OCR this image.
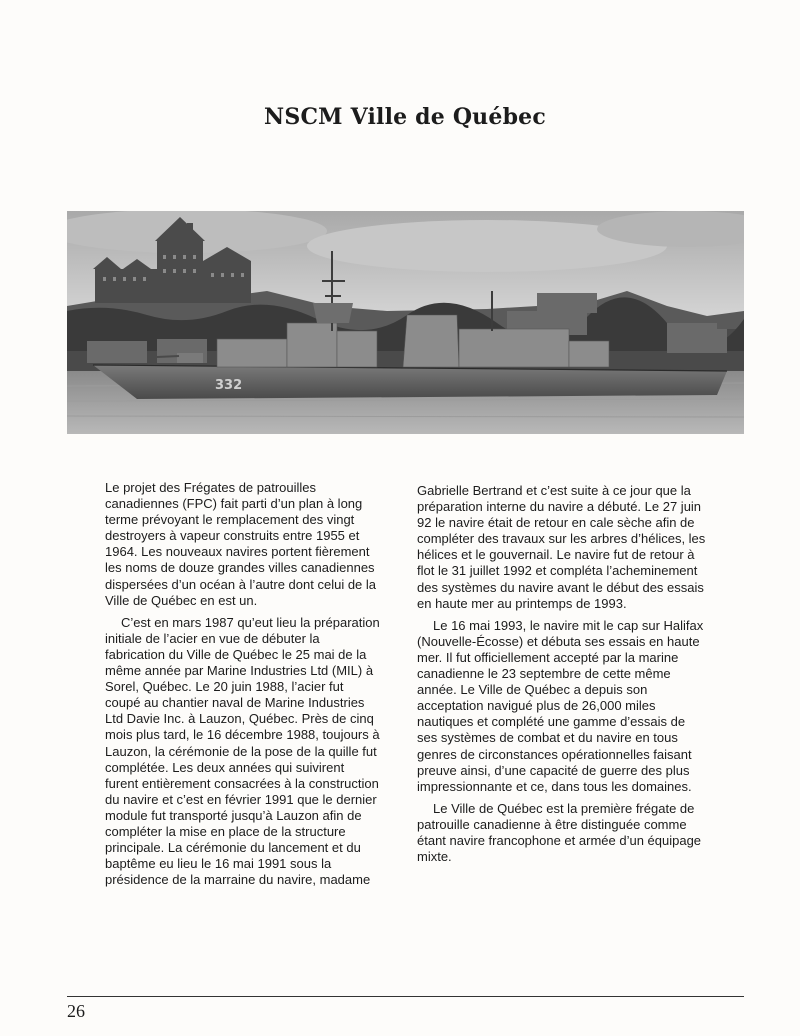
NSCM Ville de Québec
332

Le projet des Frégates de patrouilles canadiennes (FPC) fait parti d’un plan à long terme prévoyant le remplacement des vingt destroyers à vapeur construits entre 1955 et 1964. Les nouveaux navires portent fièrement les noms de douze grandes villes canadiennes dispersées d’un océan à l’autre dont celui de la Ville de Québec en est un.

C’est en mars 1987 qu’eut lieu la préparation initiale de l’acier en vue de débuter la fabrication du Ville de Québec le 25 mai de la même année par Marine Industries Ltd (MIL) à Sorel, Québec. Le 20 juin 1988, l’acier fut coupé au chantier naval de Marine Industries Ltd Davie Inc. à Lauzon, Québec. Près de cinq mois plus tard, le 16 décembre 1988, toujours à Lauzon, la cérémonie de la pose de la quille fut complétée. Les deux années qui suivirent furent entièrement consacrées à la construction du navire et c’est en février 1991 que le dernier module fut transporté jusqu’à Lauzon afin de compléter la mise en place de la structure principale. La cérémonie du lancement et du baptême eu lieu le 16 mai 1991 sous la présidence de la marraine du navire, madame

Gabrielle Bertrand et c’est suite à ce jour que la préparation interne du navire a débuté. Le 27 juin 92 le navire était de retour en cale sèche afin de compléter des travaux sur les arbres d’hélices, les hélices et le gouvernail. Le navire fut de retour à flot le 31 juillet 1992 et compléta l’acheminement des systèmes du navire avant le début des essais en haute mer au printemps de 1993.

Le 16 mai 1993, le navire mit le cap sur Halifax (Nouvelle-Écosse) et débuta ses essais en haute mer. Il fut officiellement accepté par la marine canadienne le 23 septembre de cette même année. Le Ville de Québec a depuis son acceptation navigué plus de 26,000 miles nautiques et complété une gamme d’essais de ses systèmes de combat et du navire en tous genres de circonstances opérationnelles faisant preuve ainsi, d’une capacité de guerre des plus impressionnante et ce, dans tous les domaines.

Le Ville de Québec est la première frégate de patrouille canadienne à être distinguée comme étant navire francophone et armée d’un équipage mixte.

26
